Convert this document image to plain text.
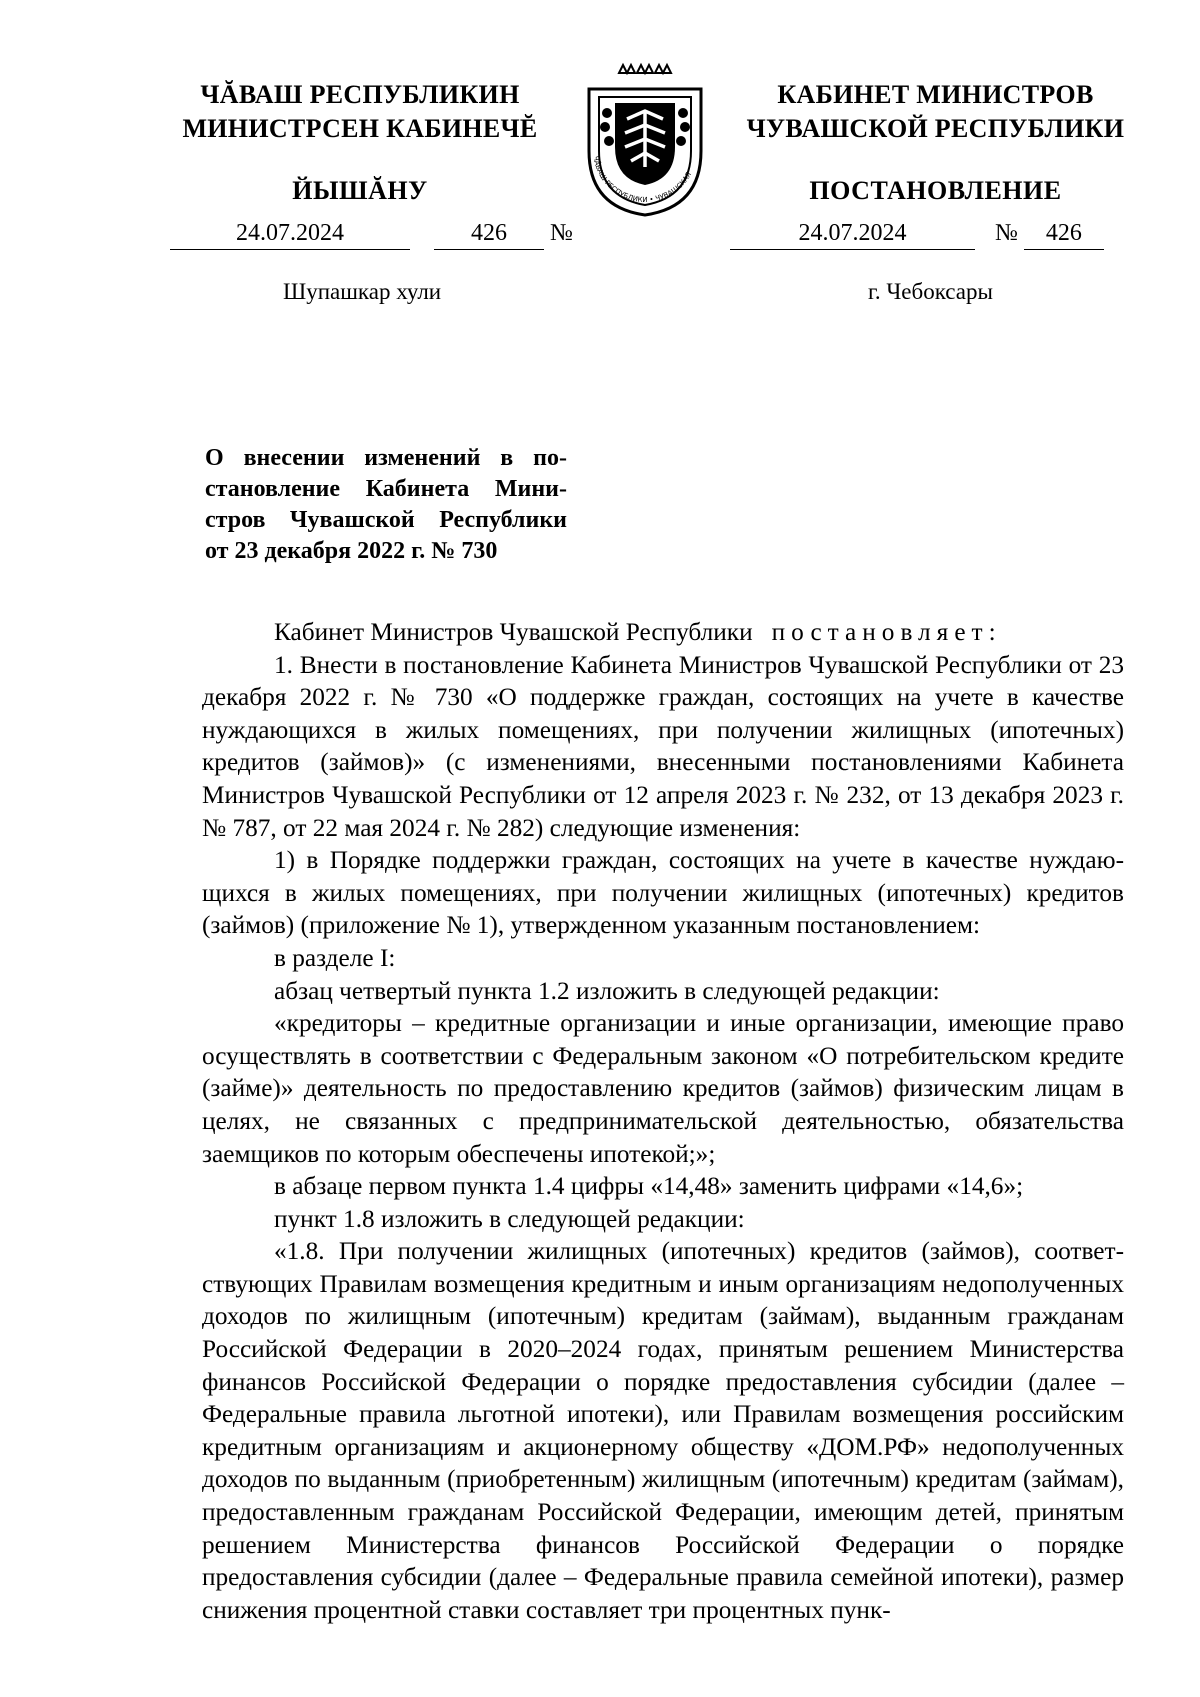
ЧĂВАШ РЕСПУБЛИКИН
МИНИСТРСЕН КАБИНЕЧĔ
ЙЫШĂНУ
ЧĂВАШ РЕСПУБЛИКИ • ЧУВАШСКАЯ
КАБИНЕТ МИНИСТРОВ
ЧУВАШСКОЙ РЕСПУБЛИКИ
ПОСТАНОВЛЕНИЕ
24.07.2024	426 №	24.07.2024	№ 426
Шупашкар хули	г. Чебоксары
О внесении изменений в по-
становление Кабинета Мини-
стров Чувашской Республики
от 23 декабря 2022 г. № 730

Кабинет Министров Чувашской Республики постановляет:

1. Внести в постановление Кабинета Министров Чувашской Республики от 23 декабря 2022 г. № 730 «О поддержке граждан, состоящих на учете в качестве нуждающихся в жилых помещениях, при получении жилищных (ипотечных) кредитов (займов)» (с изменениями, внесенными постановлениями Кабинета Министров Чувашской Республики от 12 апреля 2023 г. № 232, от 13 декабря 2023 г. № 787, от 22 мая 2024 г. № 282) следующие изменения:

1) в Порядке поддержки граждан, состоящих на учете в качестве нуждающихся в жилых помещениях, при получении жилищных (ипотечных) кредитов (займов) (приложение № 1), утвержденном указанным постановлением:

в разделе I:

абзац четвертый пункта 1.2 изложить в следующей редакции:

«кредиторы – кредитные организации и иные организации, имеющие право осуществлять в соответствии с Федеральным законом «О потребительском кредите (займе)» деятельность по предоставлению кредитов (займов) физическим лицам в целях, не связанных с предпринимательской деятельностью, обязательства заемщиков по которым обеспечены ипотекой;»;

в абзаце первом пункта 1.4 цифры «14,48» заменить цифрами «14,6»;

пункт 1.8 изложить в следующей редакции:

«1.8. При получении жилищных (ипотечных) кредитов (займов), соответствующих Правилам возмещения кредитным и иным организациям недополученных доходов по жилищным (ипотечным) кредитам (займам), выданным гражданам Российской Федерации в 2020–2024 годах, принятым решением Министерства финансов Российской Федерации о порядке предоставления субсидии (далее – Федеральные правила льготной ипотеки), или Правилам возмещения российским кредитным организациям и акционерному обществу «ДОМ.РФ» недополученных доходов по выданным (приобретенным) жилищным (ипотечным) кредитам (займам), предоставленным гражданам Российской Федерации, имеющим детей, принятым решением Министерства финансов Российской Федерации о порядке предоставления субсидии (далее – Федеральные правила семейной ипотеки), размер снижения процентной ставки составляет три процентных пунк-
